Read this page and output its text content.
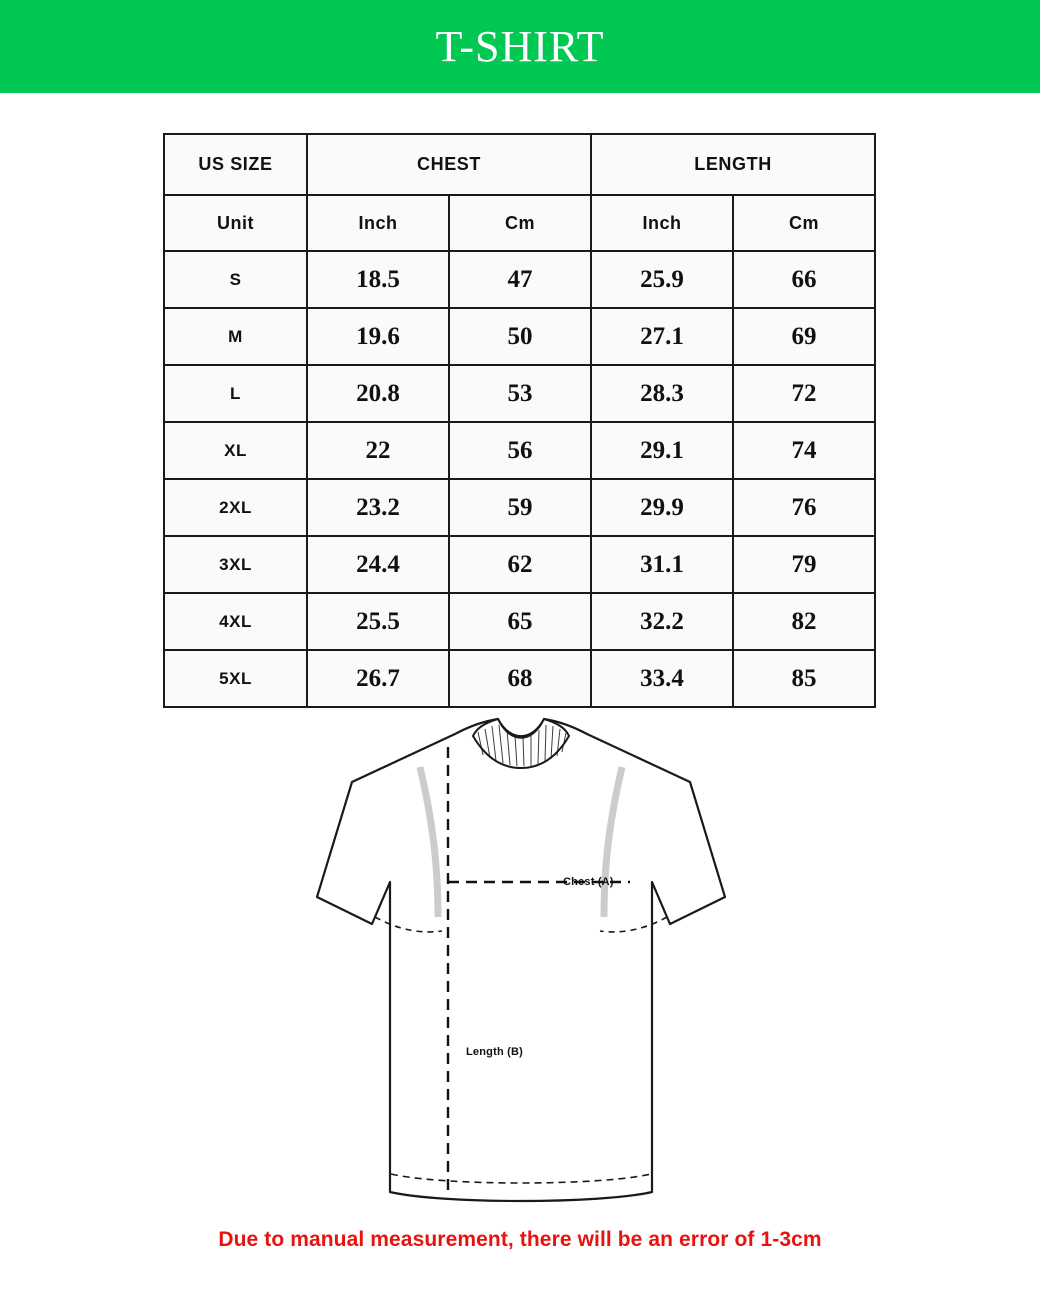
T-SHIRT
US SIZE	CHEST		LENGTH	
Unit	Inch	Cm	Inch	Cm
S	18.5	47	25.9	66
M	19.6	50	27.1	69
L	20.8	53	28.3	72
XL	22	56	29.1	74
2XL	23.2	59	29.9	76
3XL	24.4	62	31.1	79
4XL	25.5	65	32.2	82
5XL	26.7	68	33.4	85
Chest (A)
Length (B)
Due to manual measurement, there will be an error of 1-3cm
